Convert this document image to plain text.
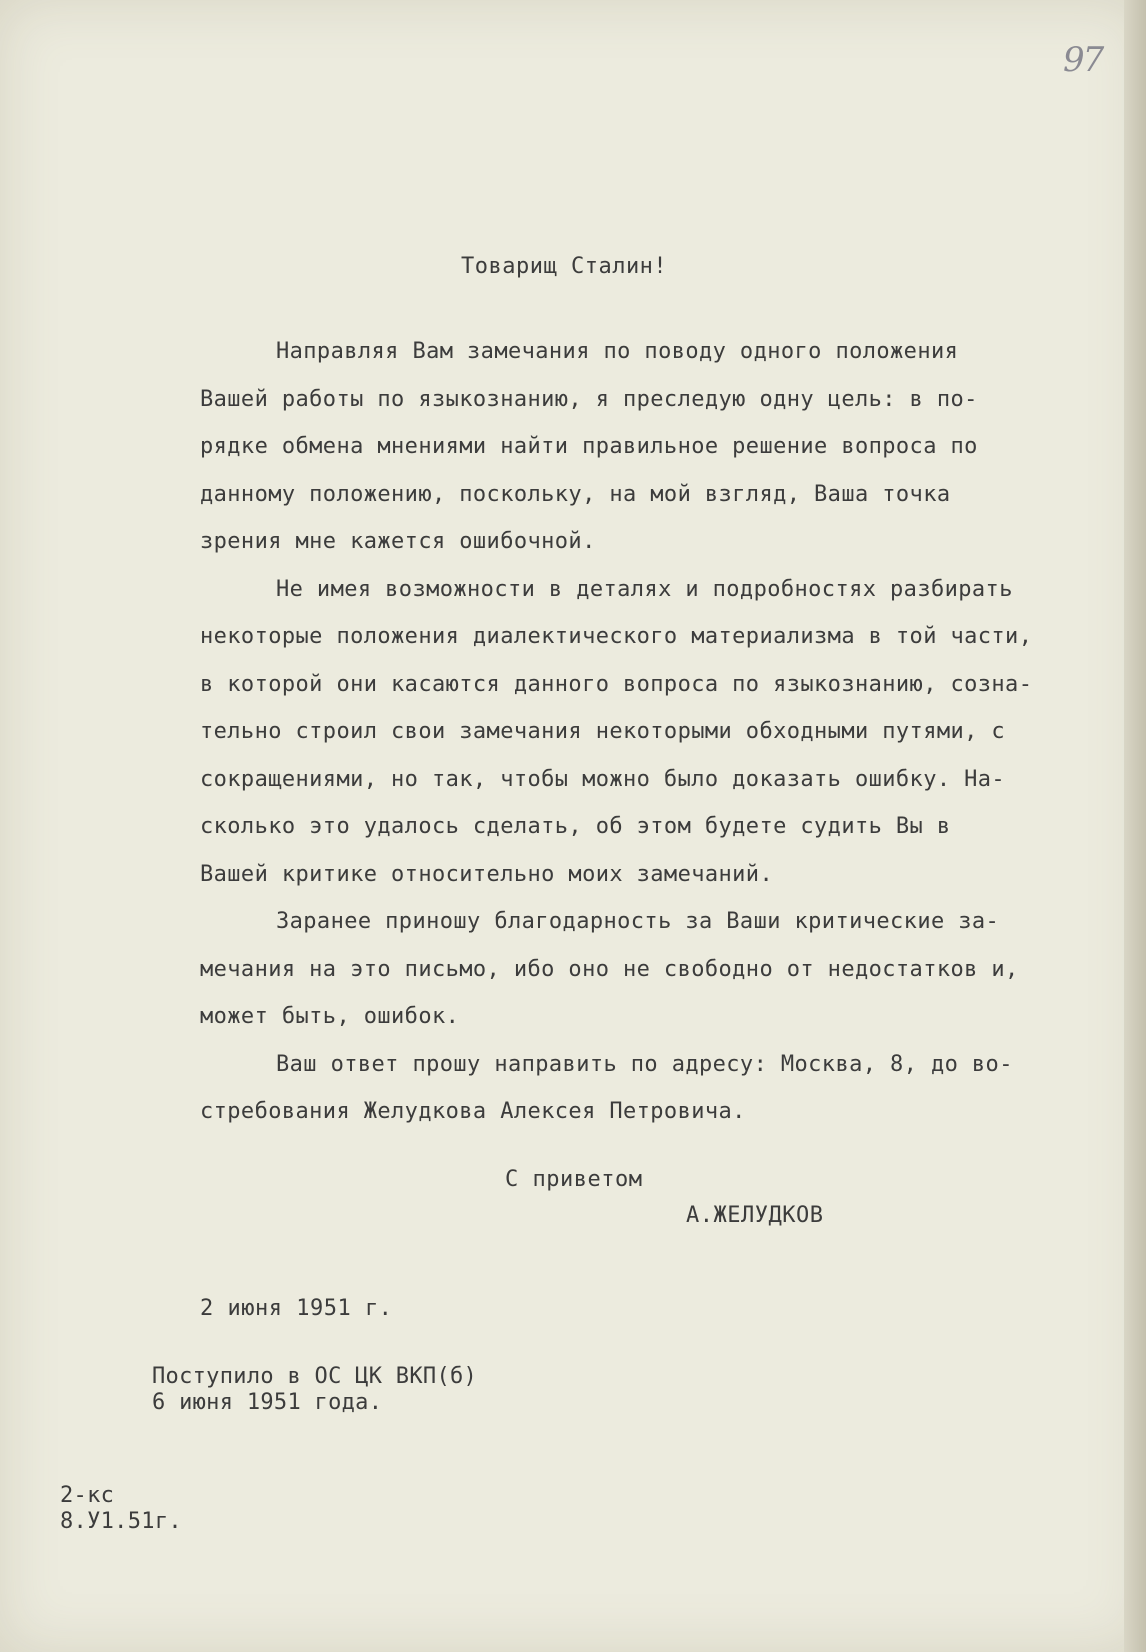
97
Товарищ Сталин!
Направляя Вам замечания по поводу одного положения
Вашей работы по языкознанию, я преследую одну цель: в по-
рядке обмена мнениями найти правильное решение вопроса по
данному положению, поскольку, на мой взгляд, Ваша точка
зрения мне кажется ошибочной.
Не имея возможности в деталях и подробностях разбирать
некоторые положения диалектического материализма в той части,
в которой они касаются данного вопроса по языкознанию, созна-
тельно строил свои замечания некоторыми обходными путями, с
сокращениями, но так, чтобы можно было доказать ошибку. На-
сколько это удалось сделать, об этом будете судить Вы в
Вашей критике относительно моих замечаний.
Заранее приношу благодарность за Ваши критические за-
мечания на это письмо, ибо оно не свободно от недостатков и,
может быть, ошибок.
Ваш ответ прошу направить по адресу: Москва, 8, до во-
стребования Желудкова Алексея Петровича.
С приветом
А.ЖЕЛУДКОВ
2 июня 1951 г.
Поступило в ОС ЦК ВКП(б)
6 июня 1951 года.
2-кс
8.У1.51г.
